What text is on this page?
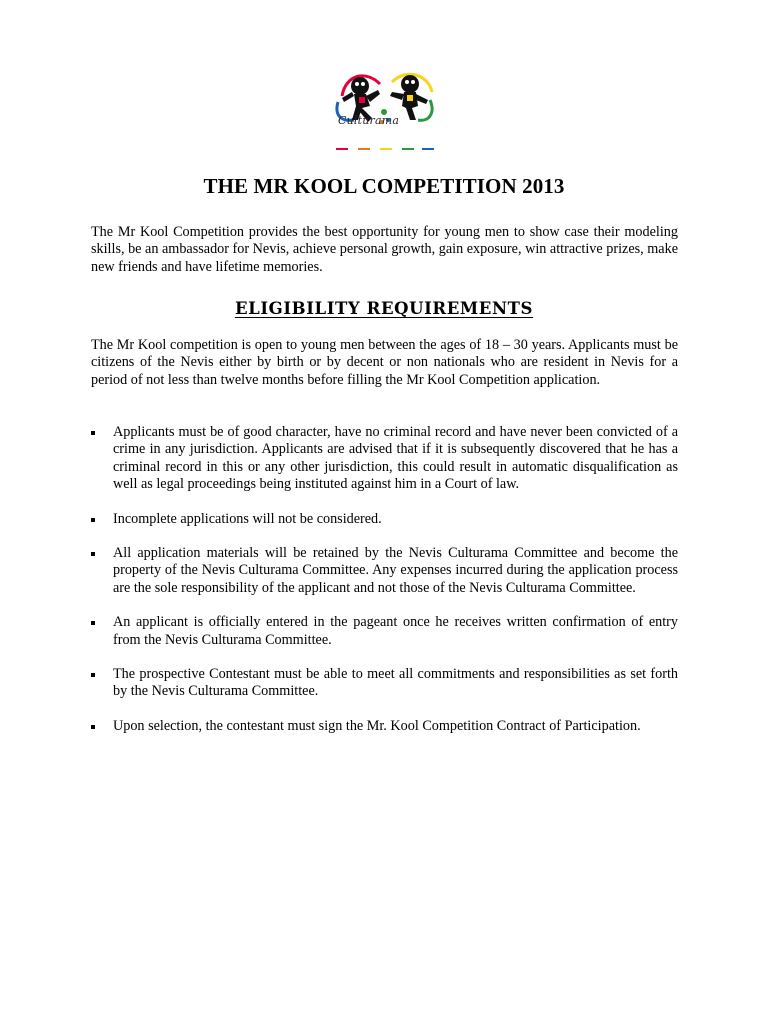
Culturama
THE MR KOOL COMPETITION 2013

The Mr Kool Competition provides the best opportunity for young men to show case their modeling skills, be an ambassador for Nevis, achieve personal growth, gain exposure, win attractive prizes, make new friends and have lifetime memories.

ELIGIBILITY REQUIREMENTS

The Mr Kool competition is open to young men between the ages of 18 – 30 years. Applicants must be citizens of the Nevis either by birth or by decent or non nationals who are resident in Nevis for a period of not less than twelve months before filling the Mr Kool Competition application.

Applicants must be of good character, have no criminal record and have never been convicted of a crime in any jurisdiction. Applicants are advised that if it is subsequently discovered that he has a criminal record in this or any other jurisdiction, this could result in automatic disqualification as well as legal proceedings being instituted against him in a Court of law.
Incomplete applications will not be considered.
All application materials will be retained by the Nevis Culturama Committee and become the property of the Nevis Culturama Committee. Any expenses incurred during the application process are the sole responsibility of the applicant and not those of the Nevis Culturama Committee.
An applicant is officially entered in the pageant once he receives written confirmation of entry from the Nevis Culturama Committee.
The prospective Contestant must be able to meet all commitments and responsibilities as set forth by the Nevis Culturama Committee.
Upon selection, the contestant must sign the Mr. Kool Competition Contract of Participation.
